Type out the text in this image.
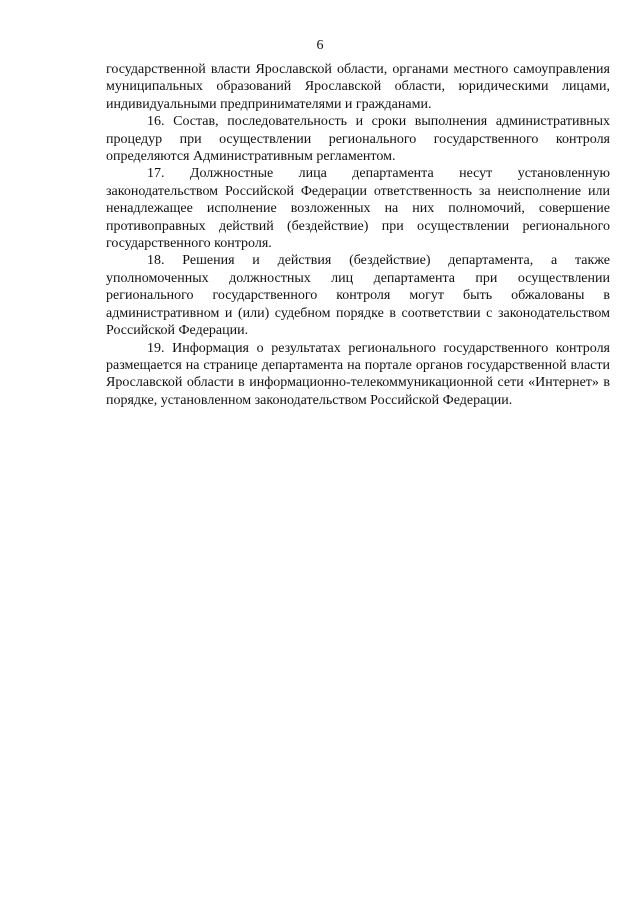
6

государственной власти Ярославской области, органами местного самоуправления муниципальных образований Ярославской области, юридическими лицами, индивидуальными предпринимателями и гражданами.

16. Состав, последовательность и сроки выполнения административных процедур при осуществлении регионального государственного контроля определяются Административным регламентом.

17. Должностные лица департамента несут установленную законодательством Российской Федерации ответственность за неисполнение или ненадлежащее исполнение возложенных на них полномочий, совершение противоправных действий (бездействие) при осуществлении регионального государственного контроля.

18. Решения и действия (бездействие) департамента, а также уполномоченных должностных лиц департамента при осуществлении регионального государственного контроля могут быть обжалованы в административном и (или) судебном порядке в соответствии с законодательством Российской Федерации.

19. Информация о результатах регионального государственного контроля размещается на странице департамента на портале органов государственной власти Ярославской области в информационно-телекоммуникационной сети «Интернет» в порядке, установленном законодательством Российской Федерации.
